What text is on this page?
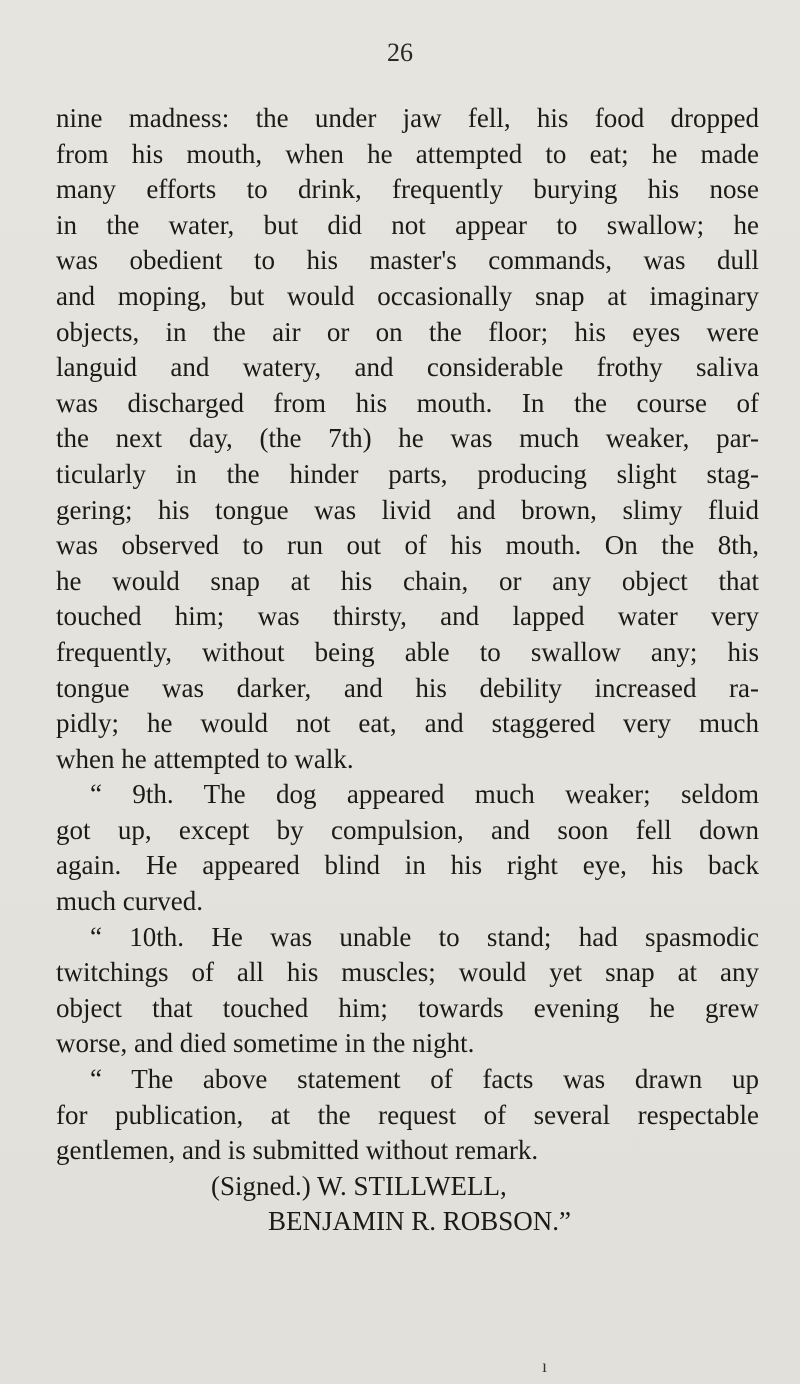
26
nine madness: the under jaw fell, his food dropped
from his mouth, when he attempted to eat; he made
many efforts to drink, frequently burying his nose
in the water, but did not appear to swallow; he
was obedient to his master's commands, was dull
and moping, but would occasionally snap at imaginary
objects, in the air or on the floor; his eyes were
languid and watery, and considerable frothy saliva
was discharged from his mouth. In the course of
the next day, (the 7th) he was much weaker, par-
ticularly in the hinder parts, producing slight stag-
gering; his tongue was livid and brown, slimy fluid
was observed to run out of his mouth. On the 8th,
he would snap at his chain, or any object that
touched him; was thirsty, and lapped water very
frequently, without being able to swallow any; his
tongue was darker, and his debility increased ra-
pidly; he would not eat, and staggered very much
when he attempted to walk.
“ 9th. The dog appeared much weaker; seldom
got up, except by compulsion, and soon fell down
again. He appeared blind in his right eye, his back
much curved.
“ 10th. He was unable to stand; had spasmodic
twitchings of all his muscles; would yet snap at any
object that touched him; towards evening he grew
worse, and died sometime in the night.
“ The above statement of facts was drawn up
for publication, at the request of several respectable
gentlemen, and is submitted without remark.
(Signed.) W. STILLWELL,
BENJAMIN R. ROBSON.”
ı
